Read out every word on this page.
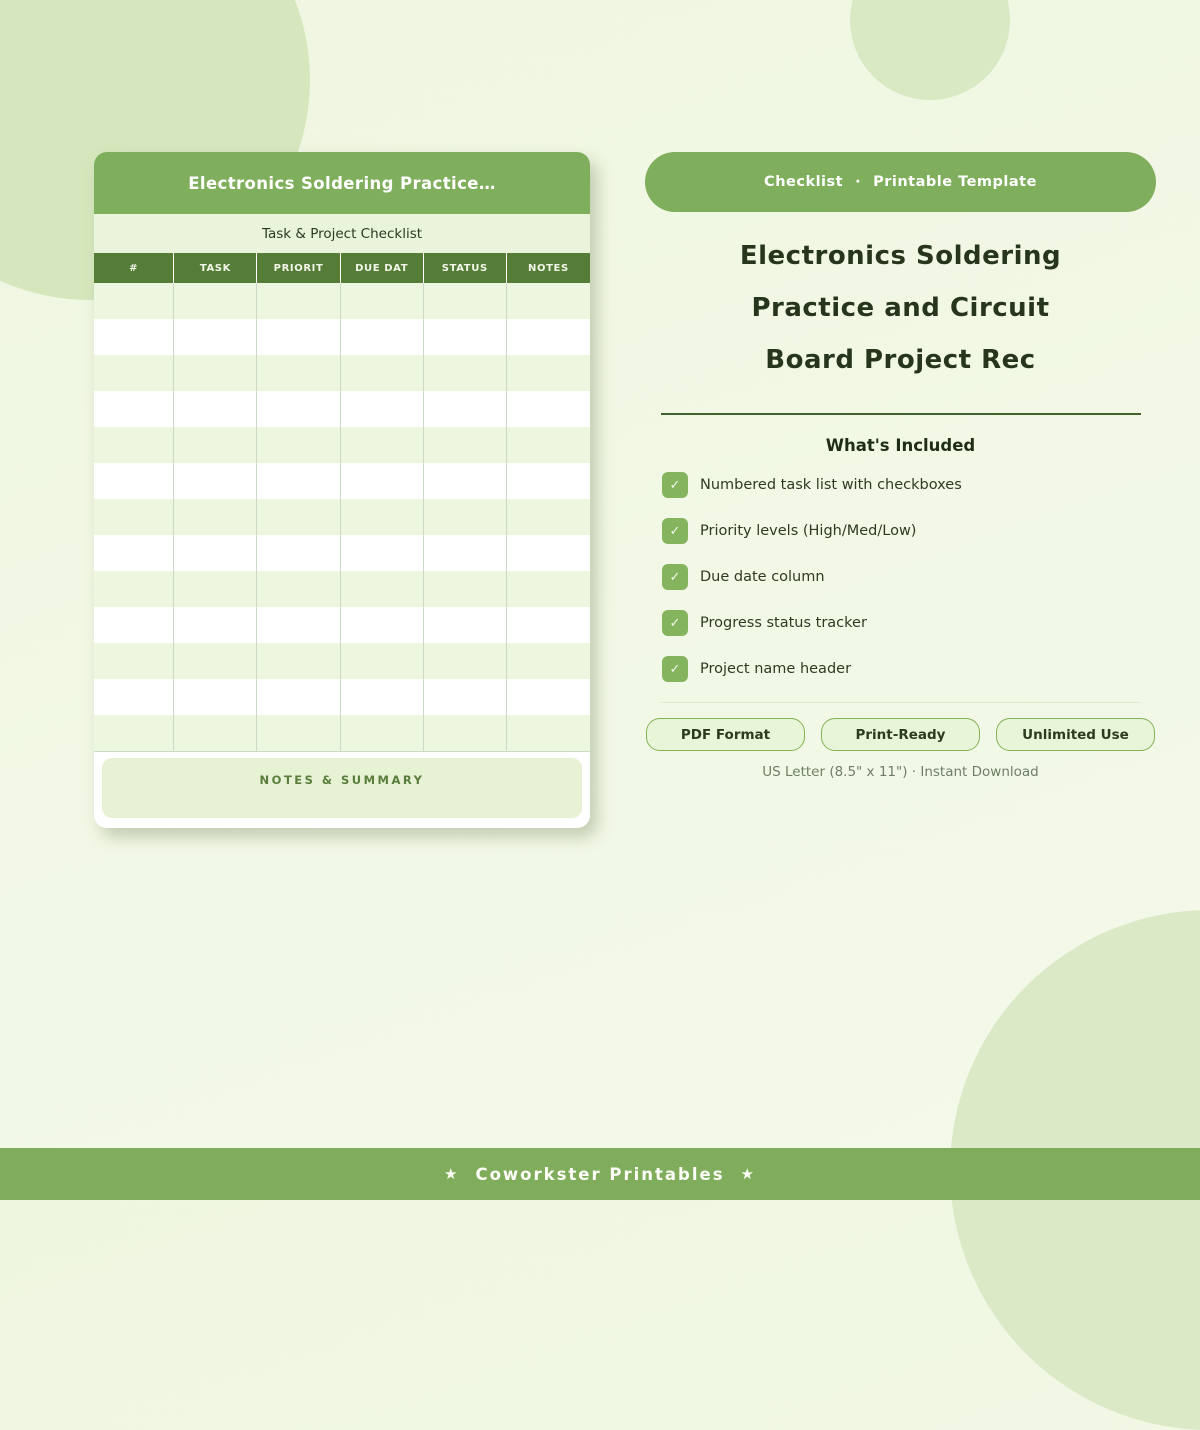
Electronics Soldering Practice…
Task & Project Checklist
#	TASK	PRIORIT	DUE DAT	STATUS	NOTES
NOTES & SUMMARY
Checklist · Printable Template
Electronics Soldering
Practice and Circuit
Board Project Rec
What's Included
✓	Numbered task list with checkboxes
✓	Priority levels (High/Med/Low)
✓	Due date column
✓	Progress status tracker
✓	Project name header
PDF Format	Print-Ready	Unlimited Use
US Letter (8.5" x 11") · Instant Download
★ Coworkster Printables ★
